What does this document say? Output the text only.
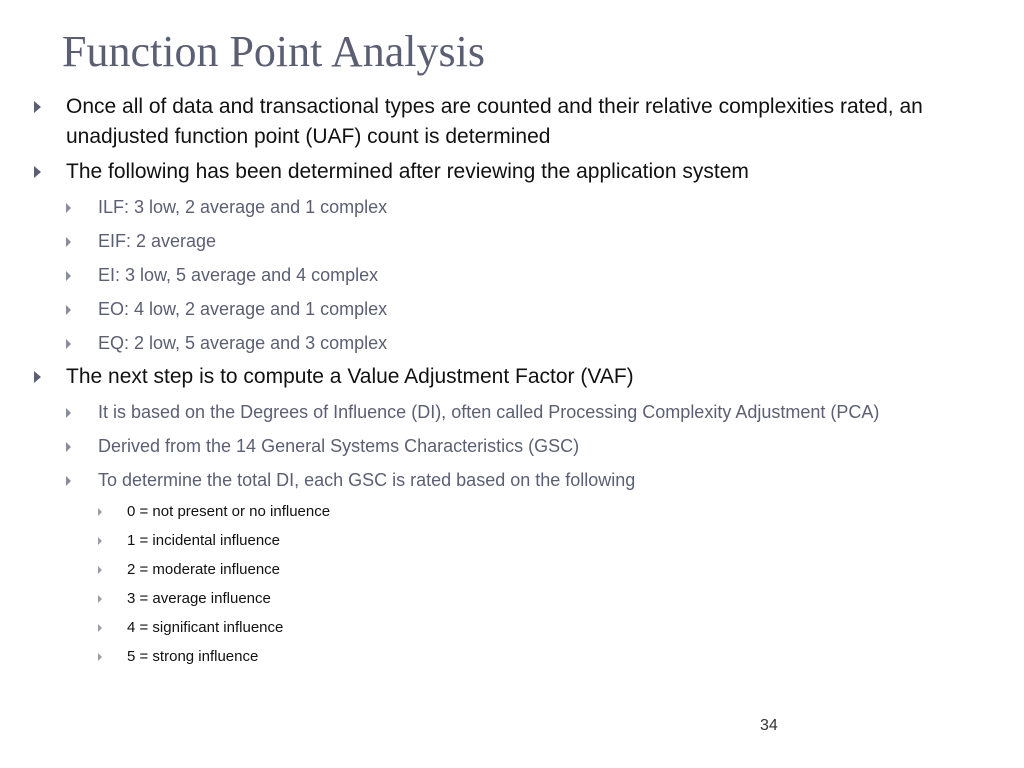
Function Point Analysis
Once all of data and transactional types are counted and their relative complexities rated, an unadjusted function point (UAF) count is determined
The following has been determined after reviewing the application system
ILF: 3 low, 2 average and 1 complex
EIF: 2 average
EI: 3 low, 5 average and 4 complex
EO: 4 low, 2 average and 1 complex
EQ: 2 low, 5 average and 3 complex
The next step is to compute a Value Adjustment Factor (VAF)
It is based on the Degrees of Influence (DI), often called Processing Complexity Adjustment (PCA)
Derived from the 14 General Systems Characteristics (GSC)
To determine the total DI, each GSC is rated based on the following
0 = not present or no influence
1 = incidental influence
2 = moderate influence
3 = average influence
4 = significant influence
5 = strong influence
34
